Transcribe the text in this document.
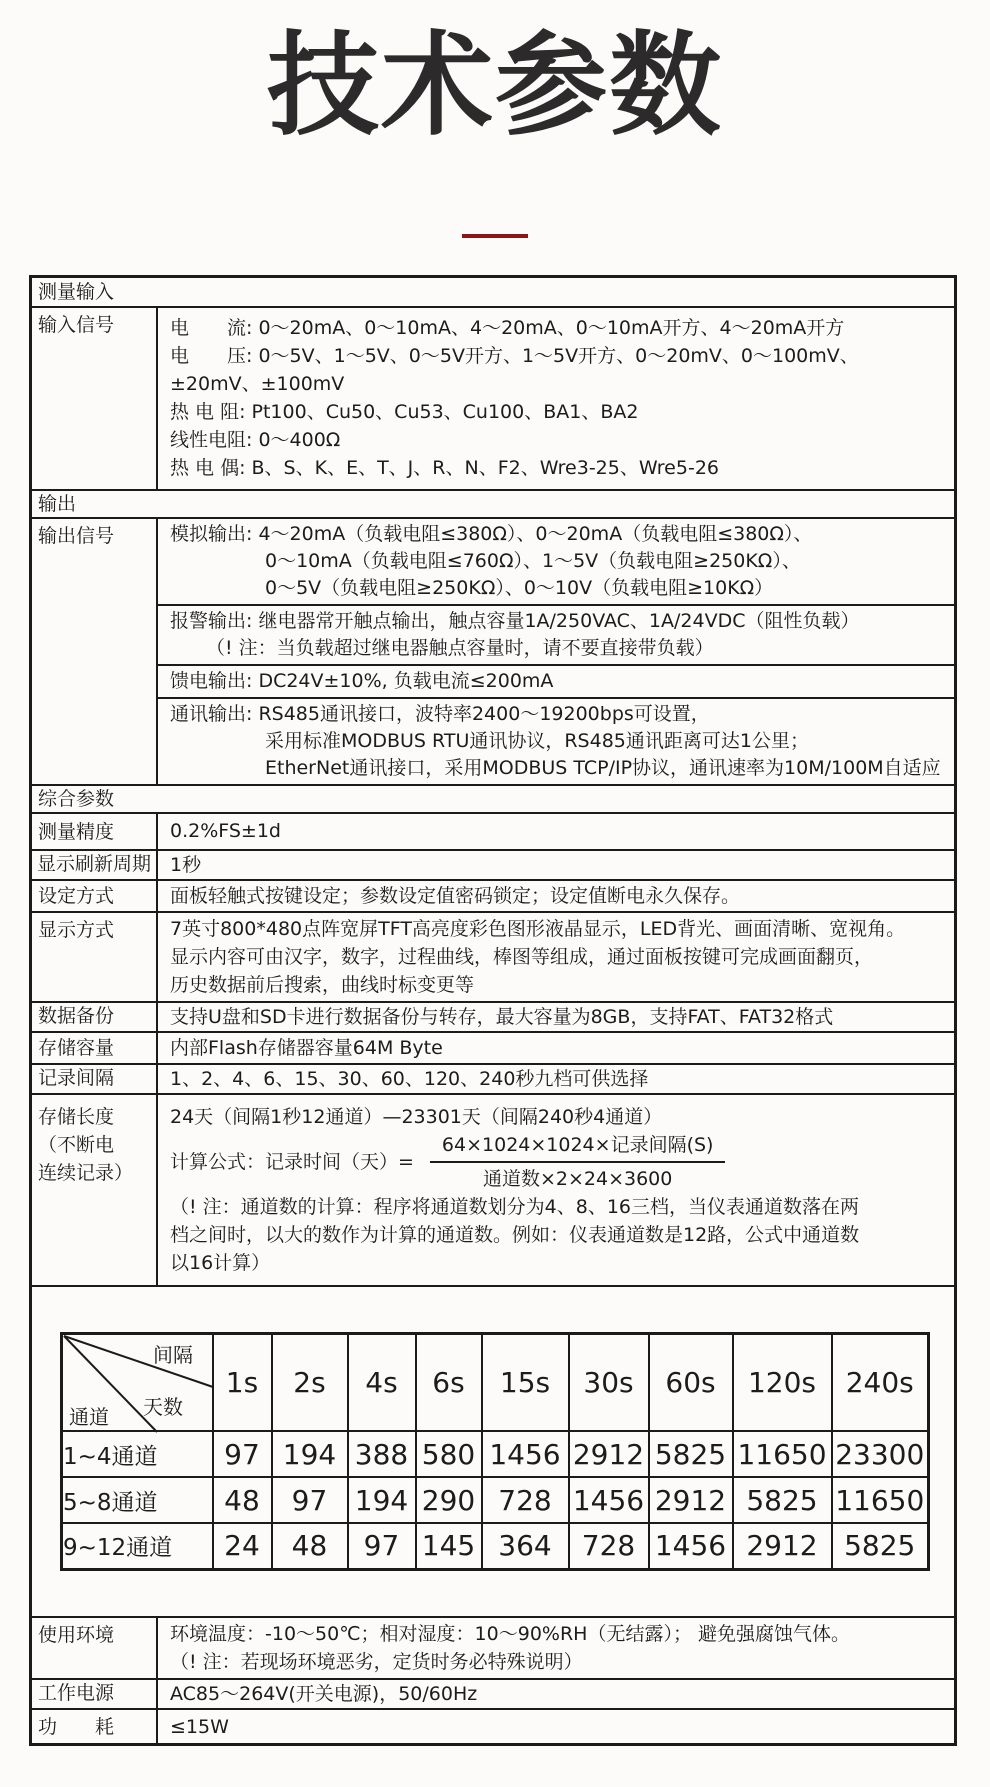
技术参数
测量输入
输入信号	电　　流: 0～20mA、0～10mA、4～20mA、0～10mA开方、4～20mA开方
电　　压: 0～5V、1～5V、0～5V开方、1～5V开方、0～20mV、0～100mV、
±20mV、±100mV
热 电 阻: Pt100、Cu50、Cu53、Cu100、BA1、BA2
线性电阻: 0～400Ω
热 电 偶: B、S、K、E、T、J、R、N、F2、Wre3-25、Wre5-26
输出
输出信号	模拟输出: 4～20mA（负载电阻≤380Ω）、0～20mA（负载电阻≤380Ω）、
0～10mA（负载电阻≤760Ω）、1～5V（负载电阻≥250KΩ）、
0～5V（负载电阻≥250KΩ）、0～10V（负载电阻≥10KΩ）
报警输出: 继电器常开触点输出，触点容量1A/250VAC、1A/24VDC（阻性负载）
（! 注：当负载超过继电器触点容量时，请不要直接带负载）
馈电输出: DC24V±10%, 负载电流≤200mA
通讯输出: RS485通讯接口，波特率2400～19200bps可设置，
采用标准MODBUS RTU通讯协议，RS485通讯距离可达1公里；
EtherNet通讯接口，采用MODBUS TCP/IP协议，通讯速率为10M/100M自适应
综合参数
测量精度	0.2%FS±1d
显示刷新周期 1秒
设定方式	面板轻触式按键设定；参数设定值密码锁定；设定值断电永久保存。
显示方式	7英寸800*480点阵宽屏TFT高亮度彩色图形液晶显示，LED背光、画面清晰、宽视角。
显示内容可由汉字，数字，过程曲线，棒图等组成，通过面板按键可完成画面翻页，
历史数据前后搜索，曲线时标变更等
数据备份	支持U盘和SD卡进行数据备份与转存，最大容量为8GB，支持FAT、FAT32格式
存储容量	内部Flash存储器容量64M Byte
记录间隔	1、2、4、6、15、30、60、120、240秒九档可供选择
存储长度
（不断电
连续记录）
24天（间隔1秒12通道）—23301天（间隔240秒4通道）
计算公式：记录时间（天）= $\frac{\text{64×1024×1024×记录间隔(S)}}{\text{通道数×2×24×3600}}$
（! 注：通道数的计算：程序将通道数划分为4、8、16三档，当仪表通道数落在两
档之间时，以大的数作为计算的通道数。例如：仪表通道数是12路，公式中通道数
以16计算）
间隔
天数
通道	1s	2s	4s	6s	15s	30s	60s	120s	240s
1~4通道	97	194	388	580	1456	2912	5825	11650	23300
5~8通道	48	97	194	290	728	1456	2912	5825	11650
9~12通道	24	48	97	145	364	728	1456	2912	5825
使用环境	环境温度：-10～50℃；相对湿度：10～90%RH（无结露）； 避免强腐蚀气体。
（! 注：若现场环境恶劣，定货时务必特殊说明）
工作电源	AC85～264V(开关电源)，50/60Hz
功　　耗	≤15W
